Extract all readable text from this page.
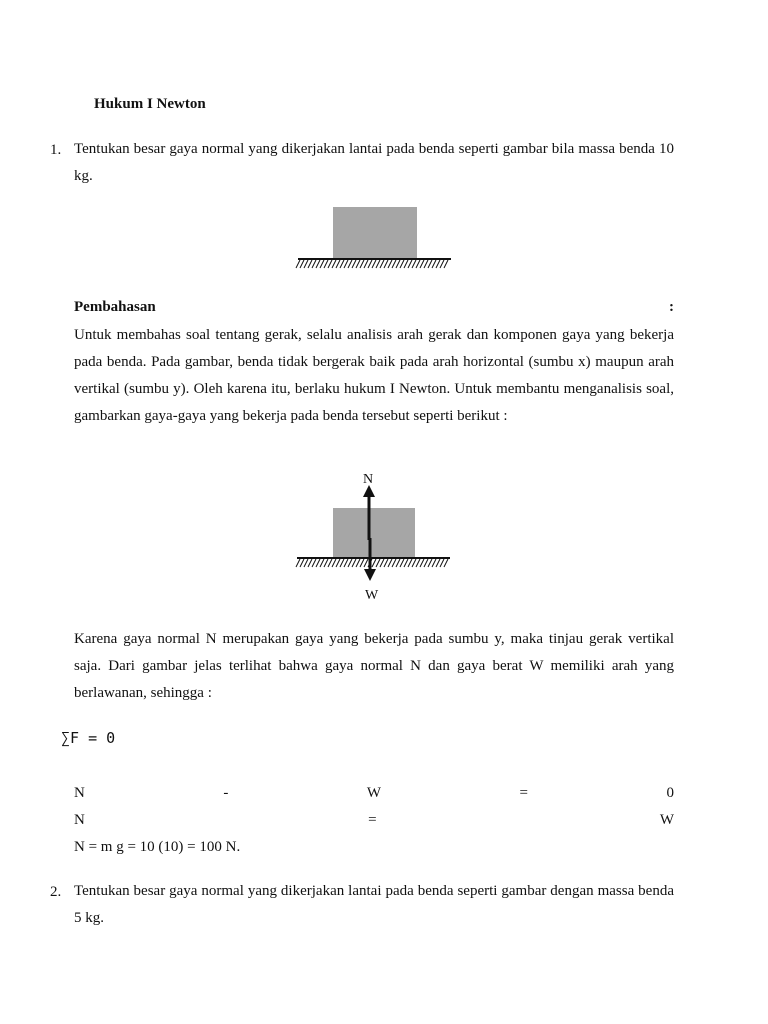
Hukum I Newton
1. Tentukan besar gaya normal yang dikerjakan lantai pada benda seperti gambar bila massa benda 10 kg.
Pembahasan	:
Untuk membahas soal tentang gerak, selalu analisis arah gerak dan komponen gaya yang bekerja pada benda. Pada gambar, benda tidak bergerak baik pada arah horizontal (sumbu x) maupun arah vertikal (sumbu y). Oleh karena itu, berlaku hukum I Newton. Untuk membantu menganalisis soal, gambarkan gaya-gaya yang bekerja pada benda tersebut seperti berikut :
N
W
Karena gaya normal N merupakan gaya yang bekerja pada sumbu y, maka tinjau gerak vertikal saja. Dari gambar jelas terlihat bahwa gaya normal N dan gaya berat W memiliki arah yang berlawanan, sehingga :
∑F = 0
N	-	W	=	0
N	=	W
N = m g = 10 (10) = 100 N.
2. Tentukan besar gaya normal yang dikerjakan lantai pada benda seperti gambar dengan massa benda 5 kg.
